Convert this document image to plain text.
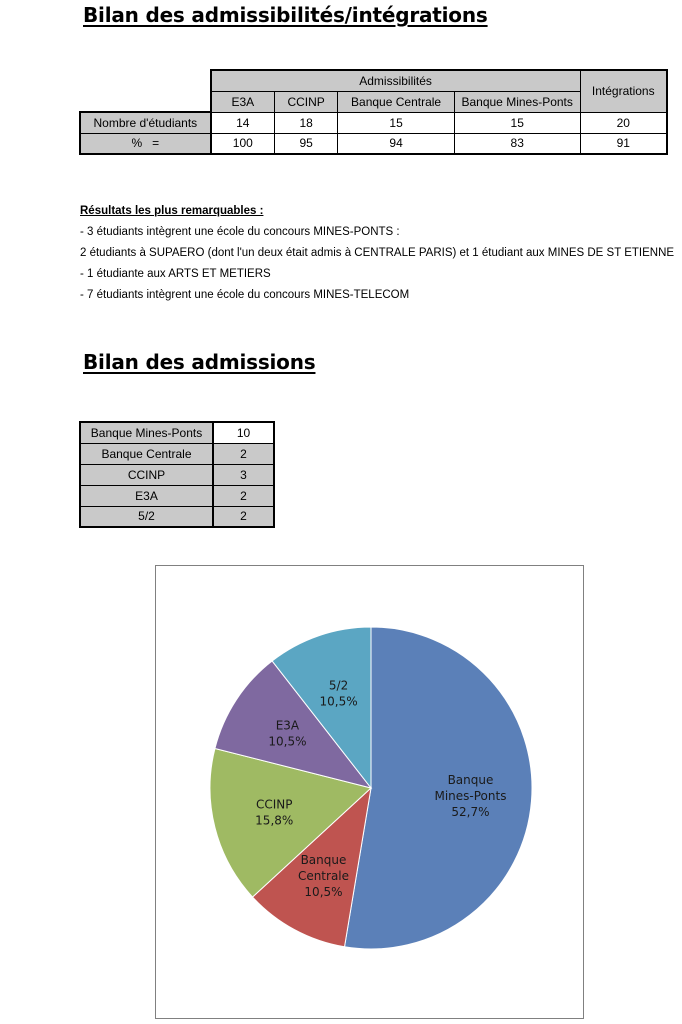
Bilan des admissibilités/intégrations
	Admissibilités				Intégrations
	E3A	CCINP	Banque Centrale	Banque Mines-Ponts	
Nombre d'étudiants	14	18	15	15	20
%   =	100	95	94	83	91
Résultats les plus remarquables :
- 3 étudiants intègrent une école du concours MINES-PONTS :
2 étudiants à SUPAERO (dont l'un deux était admis à CENTRALE PARIS) et 1 étudiant aux MINES DE ST ETIENNE
- 1 étudiante aux ARTS ET METIERS
- 7 étudiants intègrent une école du concours MINES-TELECOM
Bilan des admissions
Banque Mines-Ponts	10
Banque Centrale	2
CCINP	3
E3A	2
5/2	2
Banque Mines-Ponts 52,7%
Banque Centrale 10,5%
CCINP 15,8%
E3A 10,5%
5/2 10,5%
